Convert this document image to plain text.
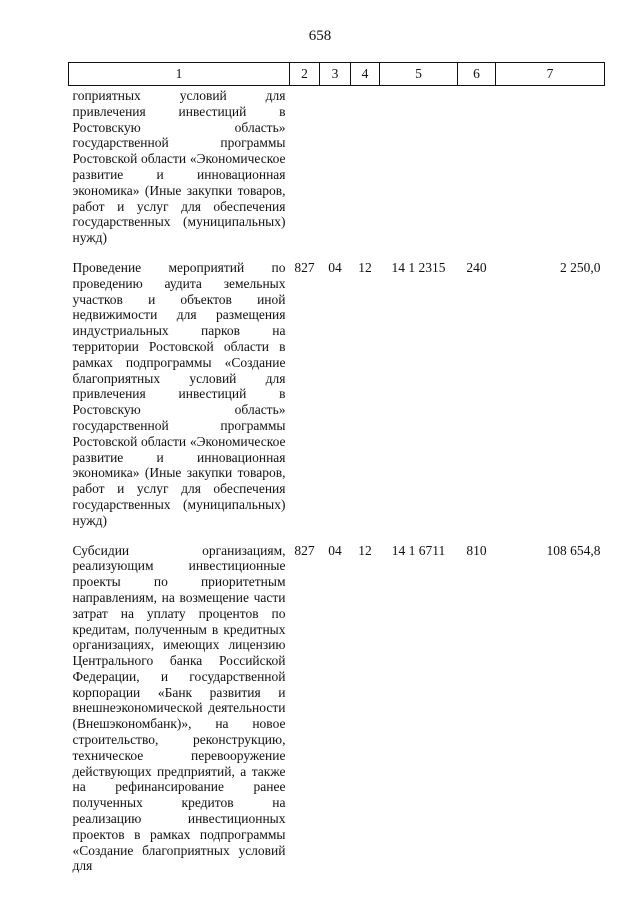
658
1	2	3	4	5	6	7
гоприятных условий для привлечения инвестиций в Ростовскую область» государственной программы Ростовской области «Экономическое развитие и инновационная экономика» (Иные закупки товаров, работ и услуг для обеспечения государственных (муниципальных) нужд)						
Проведение мероприятий по проведению аудита земельных участков и объектов иной недвижимости для размещения индустриальных парков на территории Ростовской области в рамках подпрограммы «Создание благоприятных условий для привлечения инвестиций в Ростовскую область» государственной программы Ростовской области «Экономическое развитие и инновационная экономика» (Иные закупки товаров, работ и услуг для обеспечения государственных (муниципальных) нужд)	827	04	12	14 1 2315	240	2 250,0
Субсидии организациям, реализующим инвестиционные проекты по приоритетным направлениям, на возмещение части затрат на уплату процентов по кредитам, полученным в кредитных организациях, имеющих лицензию Центрального банка Российской Федерации, и государственной корпорации «Банк развития и внешнеэкономической деятельности (Внешэкономбанк)», на новое строительство, реконструкцию, техническое перевооружение действующих предприятий, а также на рефинансирование ранее полученных кредитов на реализацию инвестиционных проектов в рамках подпрограммы «Создание благоприятных условий для	827	04	12	14 1 6711	810	108 654,8
